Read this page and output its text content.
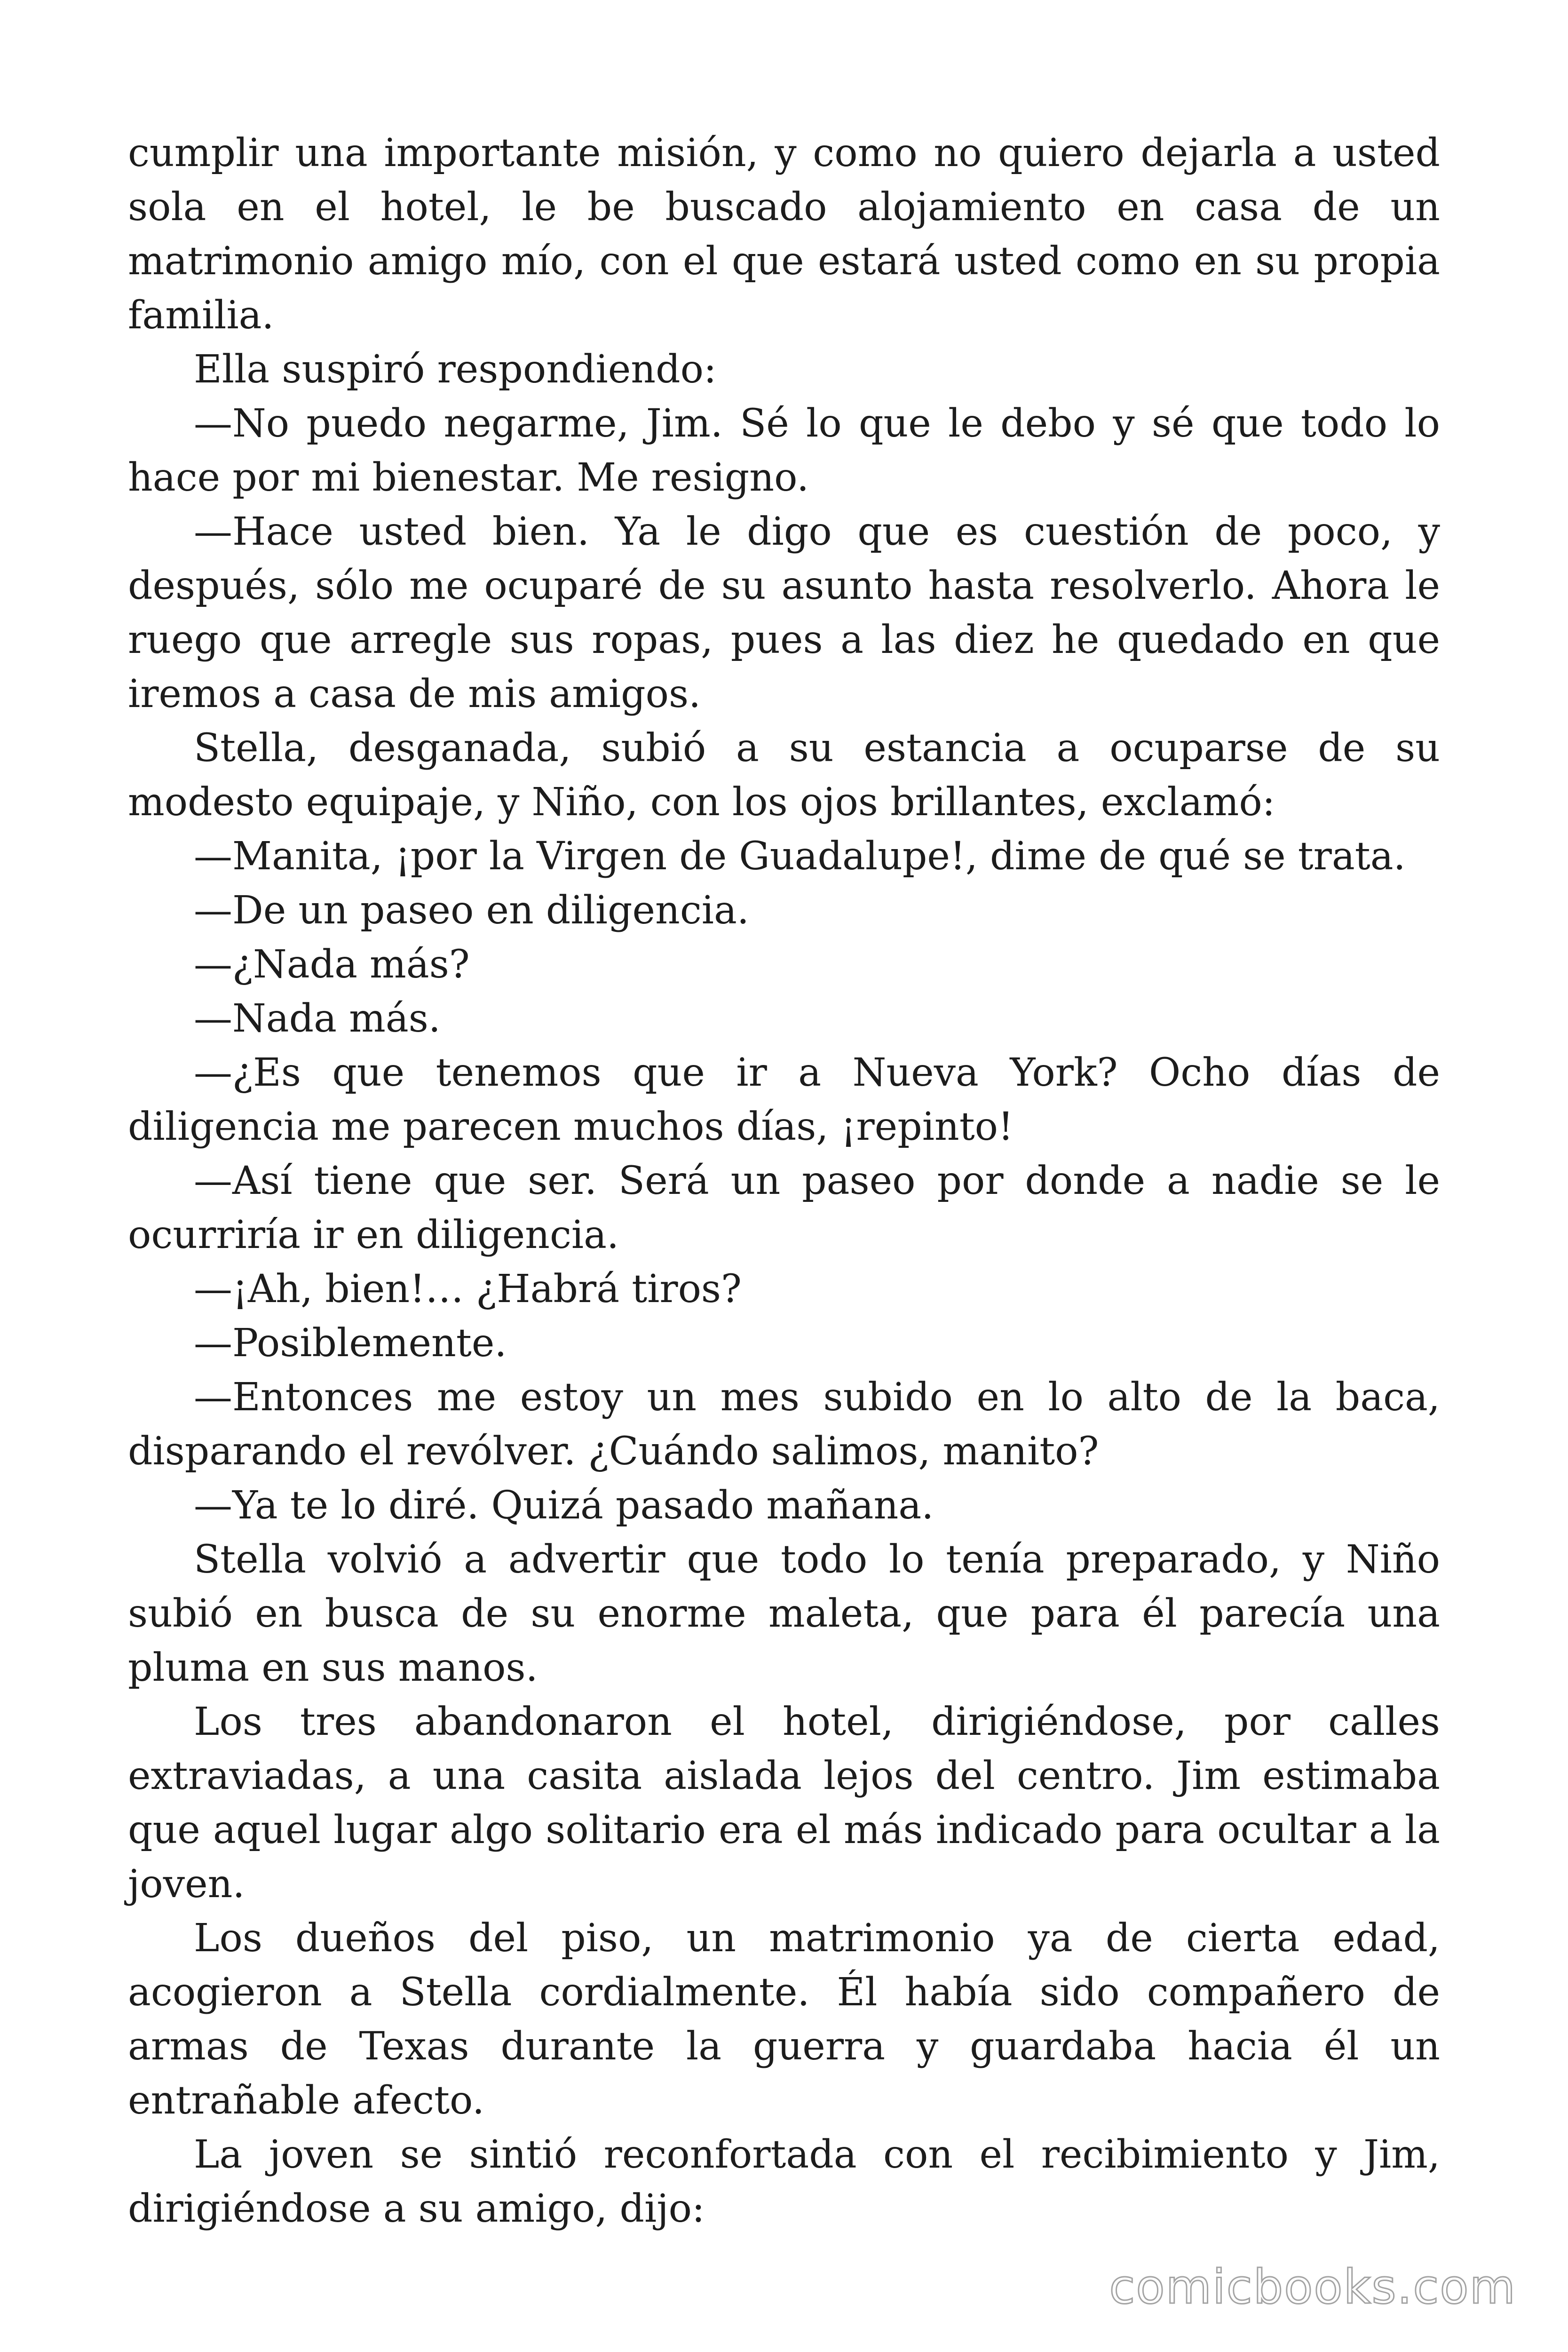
cumplir una importante misión, y como no quiero dejarla a usted sola en el hotel, le be buscado alojamiento en casa de un matrimonio amigo mío, con el que estará usted como en su propia familia.

Ella suspiró respondiendo:

—No puedo negarme, Jim. Sé lo que le debo y sé que todo lo hace por mi bienestar. Me resigno.

—Hace usted bien. Ya le digo que es cuestión de poco, y después, sólo me ocuparé de su asunto hasta resolverlo. Ahora le ruego que arregle sus ropas, pues a las diez he quedado en que iremos a casa de mis amigos.

Stella, desganada, subió a su estancia a ocuparse de su modesto equipaje, y Niño, con los ojos brillantes, exclamó:

—Manita, ¡por la Virgen de Guadalupe!, dime de qué se trata.

—De un paseo en diligencia.

—¿Nada más?

—Nada más.

—¿Es que tenemos que ir a Nueva York? Ocho días de diligencia me parecen muchos días, ¡repinto!

—Así tiene que ser. Será un paseo por donde a nadie se le ocurriría ir en diligencia.

—¡Ah, bien!… ¿Habrá tiros?

—Posiblemente.

—Entonces me estoy un mes subido en lo alto de la baca, disparando el revólver. ¿Cuándo salimos, manito?

—Ya te lo diré. Quizá pasado mañana.

Stella volvió a advertir que todo lo tenía preparado, y Niño subió en busca de su enorme maleta, que para él parecía una pluma en sus manos.

Los tres abandonaron el hotel, dirigiéndose, por calles extraviadas, a una casita aislada lejos del centro. Jim estimaba que aquel lugar algo solitario era el más indicado para ocultar a la joven.

Los dueños del piso, un matrimonio ya de cierta edad, acogieron a Stella cordialmente. Él había sido compañero de armas de Texas durante la guerra y guardaba hacia él un entrañable afecto.

La joven se sintió reconfortada con el recibimiento y Jim, dirigiéndose a su amigo, dijo:

comicbooks.com
